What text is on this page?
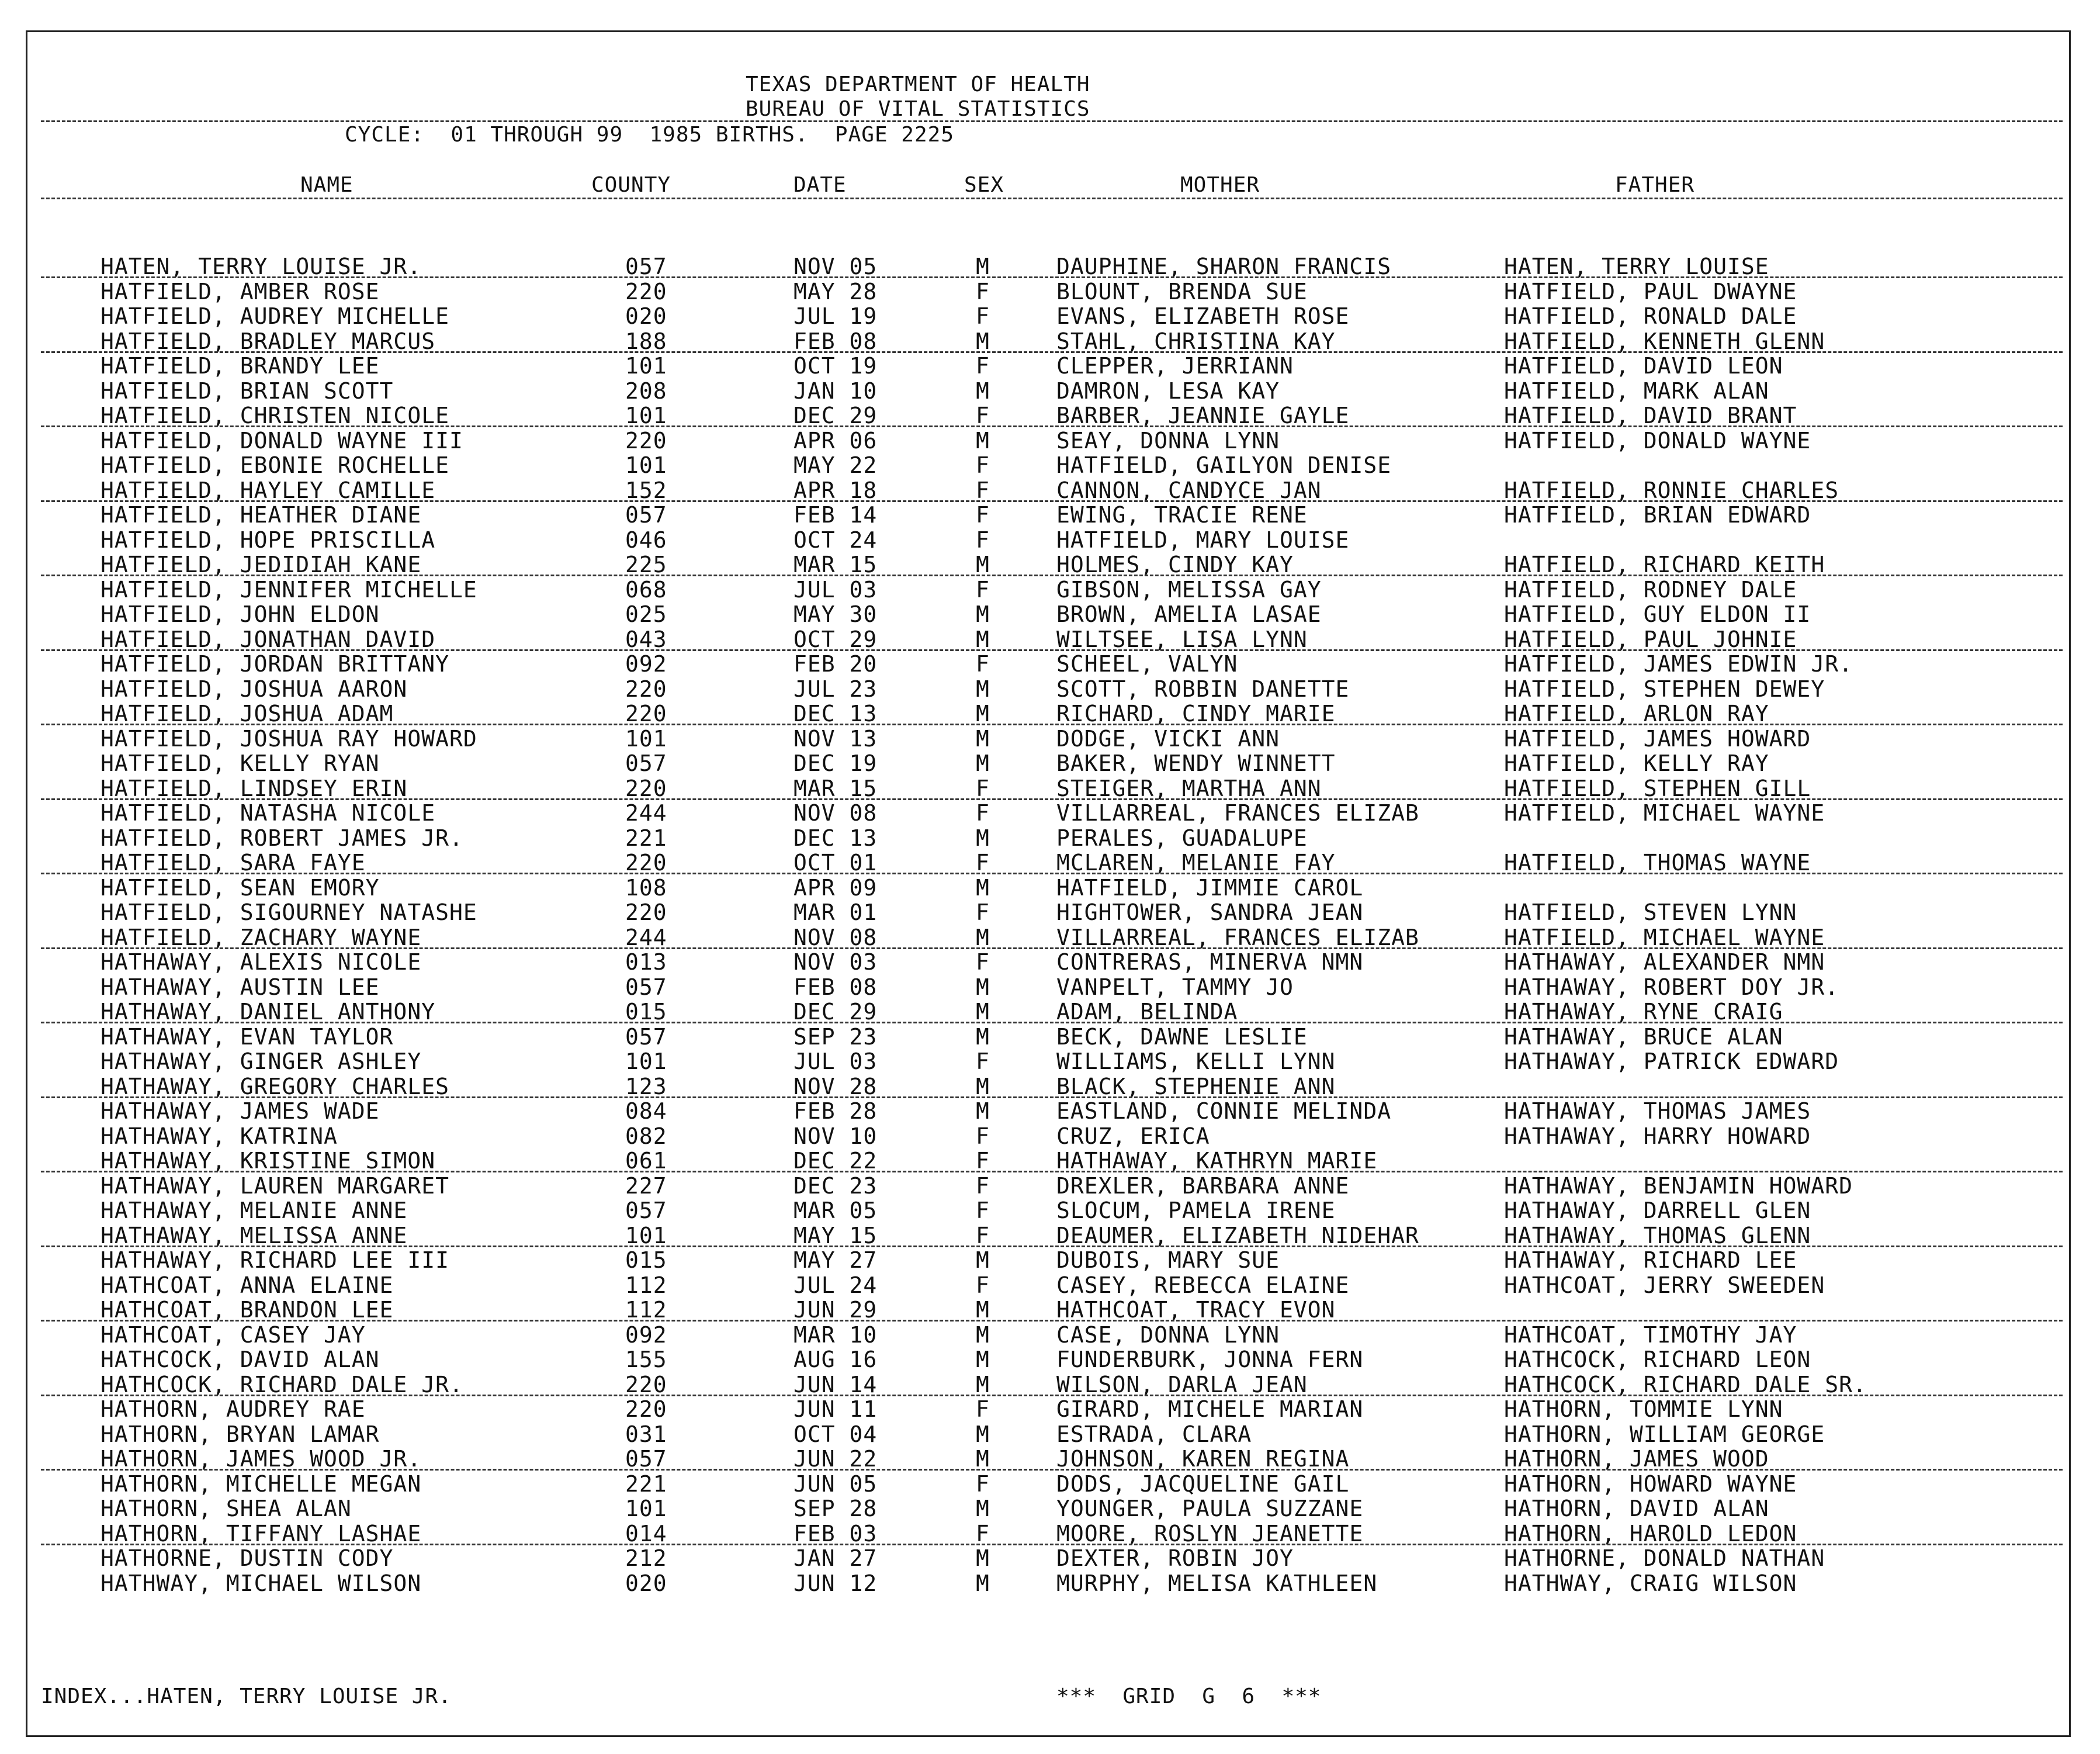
TEXAS DEPARTMENT OF HEALTH
BUREAU OF VITAL STATISTICS
CYCLE:  01 THROUGH 99  1985 BIRTHS.  PAGE 2225
NAME	COUNTY	DATE	SEX	MOTHER	FATHER
HATEN, TERRY LOUISE JR.	057	NOV 05	M	DAUPHINE, SHARON FRANCIS	HATEN, TERRY LOUISE
HATFIELD, AMBER ROSE	220	MAY 28	F	BLOUNT, BRENDA SUE	HATFIELD, PAUL DWAYNE
HATFIELD, AUDREY MICHELLE	020	JUL 19	F	EVANS, ELIZABETH ROSE	HATFIELD, RONALD DALE
HATFIELD, BRADLEY MARCUS	188	FEB 08	M	STAHL, CHRISTINA KAY	HATFIELD, KENNETH GLENN
HATFIELD, BRANDY LEE	101	OCT 19	F	CLEPPER, JERRIANN	HATFIELD, DAVID LEON
HATFIELD, BRIAN SCOTT	208	JAN 10	M	DAMRON, LESA KAY	HATFIELD, MARK ALAN
HATFIELD, CHRISTEN NICOLE	101	DEC 29	F	BARBER, JEANNIE GAYLE	HATFIELD, DAVID BRANT
HATFIELD, DONALD WAYNE III	220	APR 06	M	SEAY, DONNA LYNN	HATFIELD, DONALD WAYNE
HATFIELD, EBONIE ROCHELLE	101	MAY 22	F	HATFIELD, GAILYON DENISE
HATFIELD, HAYLEY CAMILLE	152	APR 18	F	CANNON, CANDYCE JAN	HATFIELD, RONNIE CHARLES
HATFIELD, HEATHER DIANE	057	FEB 14	F	EWING, TRACIE RENE	HATFIELD, BRIAN EDWARD
HATFIELD, HOPE PRISCILLA	046	OCT 24	F	HATFIELD, MARY LOUISE
HATFIELD, JEDIDIAH KANE	225	MAR 15	M	HOLMES, CINDY KAY	HATFIELD, RICHARD KEITH
HATFIELD, JENNIFER MICHELLE	068	JUL 03	F	GIBSON, MELISSA GAY	HATFIELD, RODNEY DALE
HATFIELD, JOHN ELDON	025	MAY 30	M	BROWN, AMELIA LASAE	HATFIELD, GUY ELDON II
HATFIELD, JONATHAN DAVID	043	OCT 29	M	WILTSEE, LISA LYNN	HATFIELD, PAUL JOHNIE
HATFIELD, JORDAN BRITTANY	092	FEB 20	F	SCHEEL, VALYN	HATFIELD, JAMES EDWIN JR.
HATFIELD, JOSHUA AARON	220	JUL 23	M	SCOTT, ROBBIN DANETTE	HATFIELD, STEPHEN DEWEY
HATFIELD, JOSHUA ADAM	220	DEC 13	M	RICHARD, CINDY MARIE	HATFIELD, ARLON RAY
HATFIELD, JOSHUA RAY HOWARD	101	NOV 13	M	DODGE, VICKI ANN	HATFIELD, JAMES HOWARD
HATFIELD, KELLY RYAN	057	DEC 19	M	BAKER, WENDY WINNETT	HATFIELD, KELLY RAY
HATFIELD, LINDSEY ERIN	220	MAR 15	F	STEIGER, MARTHA ANN	HATFIELD, STEPHEN GILL
HATFIELD, NATASHA NICOLE	244	NOV 08	F	VILLARREAL, FRANCES ELIZAB	HATFIELD, MICHAEL WAYNE
HATFIELD, ROBERT JAMES JR.	221	DEC 13	M	PERALES, GUADALUPE
HATFIELD, SARA FAYE	220	OCT 01	F	MCLAREN, MELANIE FAY	HATFIELD, THOMAS WAYNE
HATFIELD, SEAN EMORY	108	APR 09	M	HATFIELD, JIMMIE CAROL
HATFIELD, SIGOURNEY NATASHE	220	MAR 01	F	HIGHTOWER, SANDRA JEAN	HATFIELD, STEVEN LYNN
HATFIELD, ZACHARY WAYNE	244	NOV 08	M	VILLARREAL, FRANCES ELIZAB	HATFIELD, MICHAEL WAYNE
HATHAWAY, ALEXIS NICOLE	013	NOV 03	F	CONTRERAS, MINERVA NMN	HATHAWAY, ALEXANDER NMN
HATHAWAY, AUSTIN LEE	057	FEB 08	M	VANPELT, TAMMY JO	HATHAWAY, ROBERT DOY JR.
HATHAWAY, DANIEL ANTHONY	015	DEC 29	M	ADAM, BELINDA	HATHAWAY, RYNE CRAIG
HATHAWAY, EVAN TAYLOR	057	SEP 23	M	BECK, DAWNE LESLIE	HATHAWAY, BRUCE ALAN
HATHAWAY, GINGER ASHLEY	101	JUL 03	F	WILLIAMS, KELLI LYNN	HATHAWAY, PATRICK EDWARD
HATHAWAY, GREGORY CHARLES	123	NOV 28	M	BLACK, STEPHENIE ANN
HATHAWAY, JAMES WADE	084	FEB 28	M	EASTLAND, CONNIE MELINDA	HATHAWAY, THOMAS JAMES
HATHAWAY, KATRINA	082	NOV 10	F	CRUZ, ERICA	HATHAWAY, HARRY HOWARD
HATHAWAY, KRISTINE SIMON	061	DEC 22	F	HATHAWAY, KATHRYN MARIE
HATHAWAY, LAUREN MARGARET	227	DEC 23	F	DREXLER, BARBARA ANNE	HATHAWAY, BENJAMIN HOWARD
HATHAWAY, MELANIE ANNE	057	MAR 05	F	SLOCUM, PAMELA IRENE	HATHAWAY, DARRELL GLEN
HATHAWAY, MELISSA ANNE	101	MAY 15	F	DEAUMER, ELIZABETH NIDEHAR	HATHAWAY, THOMAS GLENN
HATHAWAY, RICHARD LEE III	015	MAY 27	M	DUBOIS, MARY SUE	HATHAWAY, RICHARD LEE
HATHCOAT, ANNA ELAINE	112	JUL 24	F	CASEY, REBECCA ELAINE	HATHCOAT, JERRY SWEEDEN
HATHCOAT, BRANDON LEE	112	JUN 29	M	HATHCOAT, TRACY EVON
HATHCOAT, CASEY JAY	092	MAR 10	M	CASE, DONNA LYNN	HATHCOAT, TIMOTHY JAY
HATHCOCK, DAVID ALAN	155	AUG 16	M	FUNDERBURK, JONNA FERN	HATHCOCK, RICHARD LEON
HATHCOCK, RICHARD DALE JR.	220	JUN 14	M	WILSON, DARLA JEAN	HATHCOCK, RICHARD DALE SR.
HATHORN, AUDREY RAE	220	JUN 11	F	GIRARD, MICHELE MARIAN	HATHORN, TOMMIE LYNN
HATHORN, BRYAN LAMAR	031	OCT 04	M	ESTRADA, CLARA	HATHORN, WILLIAM GEORGE
HATHORN, JAMES WOOD JR.	057	JUN 22	M	JOHNSON, KAREN REGINA	HATHORN, JAMES WOOD
HATHORN, MICHELLE MEGAN	221	JUN 05	F	DODS, JACQUELINE GAIL	HATHORN, HOWARD WAYNE
HATHORN, SHEA ALAN	101	SEP 28	M	YOUNGER, PAULA SUZZANE	HATHORN, DAVID ALAN
HATHORN, TIFFANY LASHAE	014	FEB 03	F	MOORE, ROSLYN JEANETTE	HATHORN, HAROLD LEDON
HATHORNE, DUSTIN CODY	212	JAN 27	M	DEXTER, ROBIN JOY	HATHORNE, DONALD NATHAN
HATHWAY, MICHAEL WILSON	020	JUN 12	M	MURPHY, MELISA KATHLEEN	HATHWAY, CRAIG WILSON
INDEX...HATEN, TERRY LOUISE JR.	***  GRID  G  6  ***
